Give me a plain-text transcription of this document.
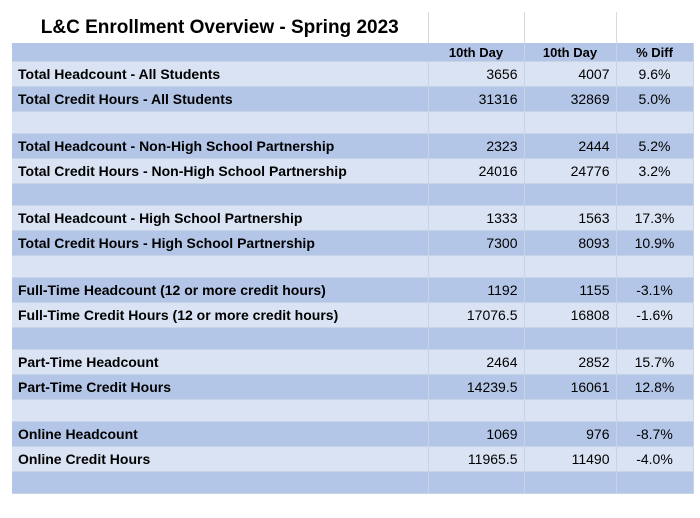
L&C Enrollment Overview - Spring 2023			
	10th Day	10th Day	% Diff
Total Headcount - All Students	3656	4007	9.6%
Total Credit Hours - All Students	31316	32869	5.0%

Total Headcount - Non-High School Partnership	2323	2444	5.2%
Total Credit Hours - Non-High School Partnership	24016	24776	3.2%

Total Headcount - High School Partnership	1333	1563	17.3%
Total Credit Hours - High School Partnership	7300	8093	10.9%

Full-Time Headcount (12 or more credit hours)	1192	1155	-3.1%
Full-Time Credit Hours (12 or more credit hours)	17076.5	16808	-1.6%

Part-Time Headcount	2464	2852	15.7%
Part-Time Credit Hours	14239.5	16061	12.8%

Online Headcount	1069	976	-8.7%
Online Credit Hours	11965.5	11490	-4.0%
